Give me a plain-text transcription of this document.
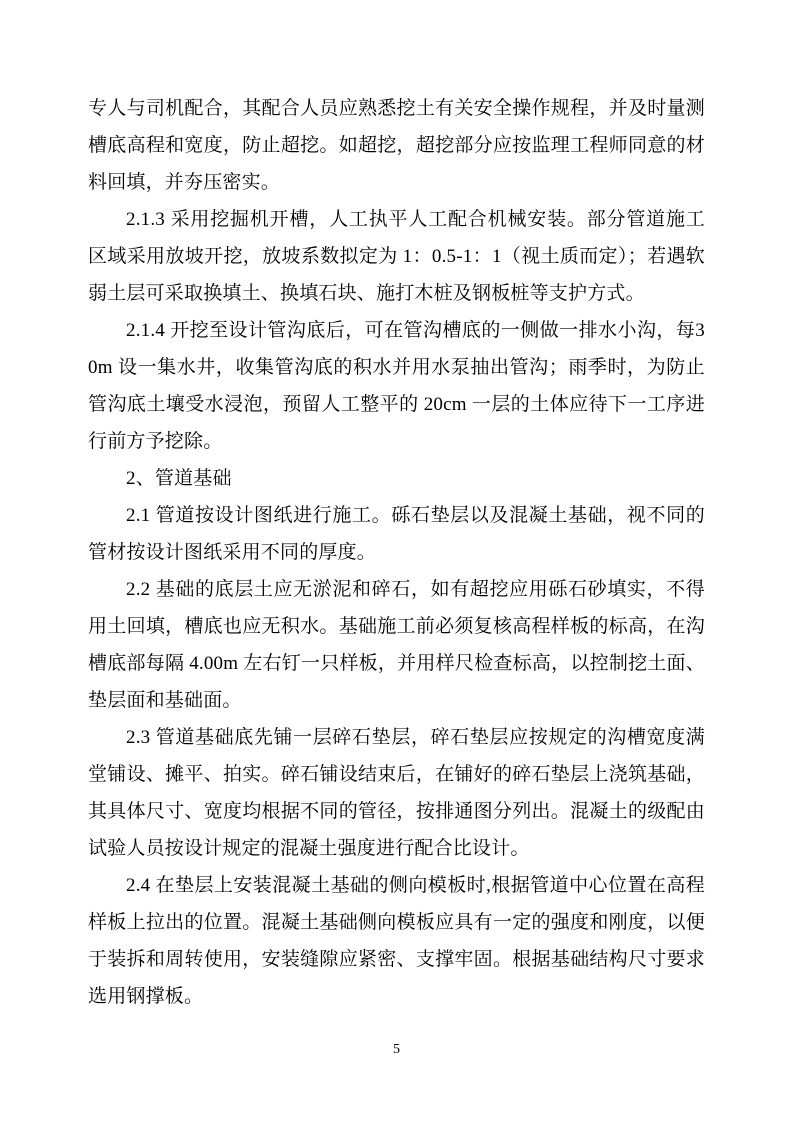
专人与司机配合，其配合人员应熟悉挖土有关安全操作规程，并及时量测槽底高程和宽度，防止超挖。如超挖，超挖部分应按监理工程师同意的材料回填，并夯压密实。

2.1.3 采用挖掘机开槽，人工执平人工配合机械安装。部分管道施工区域采用放坡开挖，放坡系数拟定为 1：0.5-1：1（视土质而定）；若遇软弱土层可采取换填土、换填石块、施打木桩及钢板桩等支护方式。

2.1.4 开挖至设计管沟底后，可在管沟槽底的一侧做一排水小沟，每30m 设一集水井，收集管沟底的积水并用水泵抽出管沟；雨季时，为防止管沟底土壤受水浸泡，预留人工整平的 20cm 一层的土体应待下一工序进行前方予挖除。

2、管道基础

2.1 管道按设计图纸进行施工。砾石垫层以及混凝土基础，视不同的管材按设计图纸采用不同的厚度。

2.2 基础的底层土应无淤泥和碎石，如有超挖应用砾石砂填实，不得用土回填，槽底也应无积水。基础施工前必须复核高程样板的标高，在沟槽底部每隔 4.00m 左右钉一只样板，并用样尺检查标高，以控制挖土面、垫层面和基础面。

2.3 管道基础底先铺一层碎石垫层，碎石垫层应按规定的沟槽宽度满堂铺设、摊平、拍实。碎石铺设结束后，在铺好的碎石垫层上浇筑基础，其具体尺寸、宽度均根据不同的管径，按排通图分列出。混凝土的级配由试验人员按设计规定的混凝土强度进行配合比设计。

2.4 在垫层上安装混凝土基础的侧向模板时,根据管道中心位置在高程样板上拉出的位置。混凝土基础侧向模板应具有一定的强度和刚度，以便于装拆和周转使用，安装缝隙应紧密、支撑牢固。根据基础结构尺寸要求选用钢撑板。

5
